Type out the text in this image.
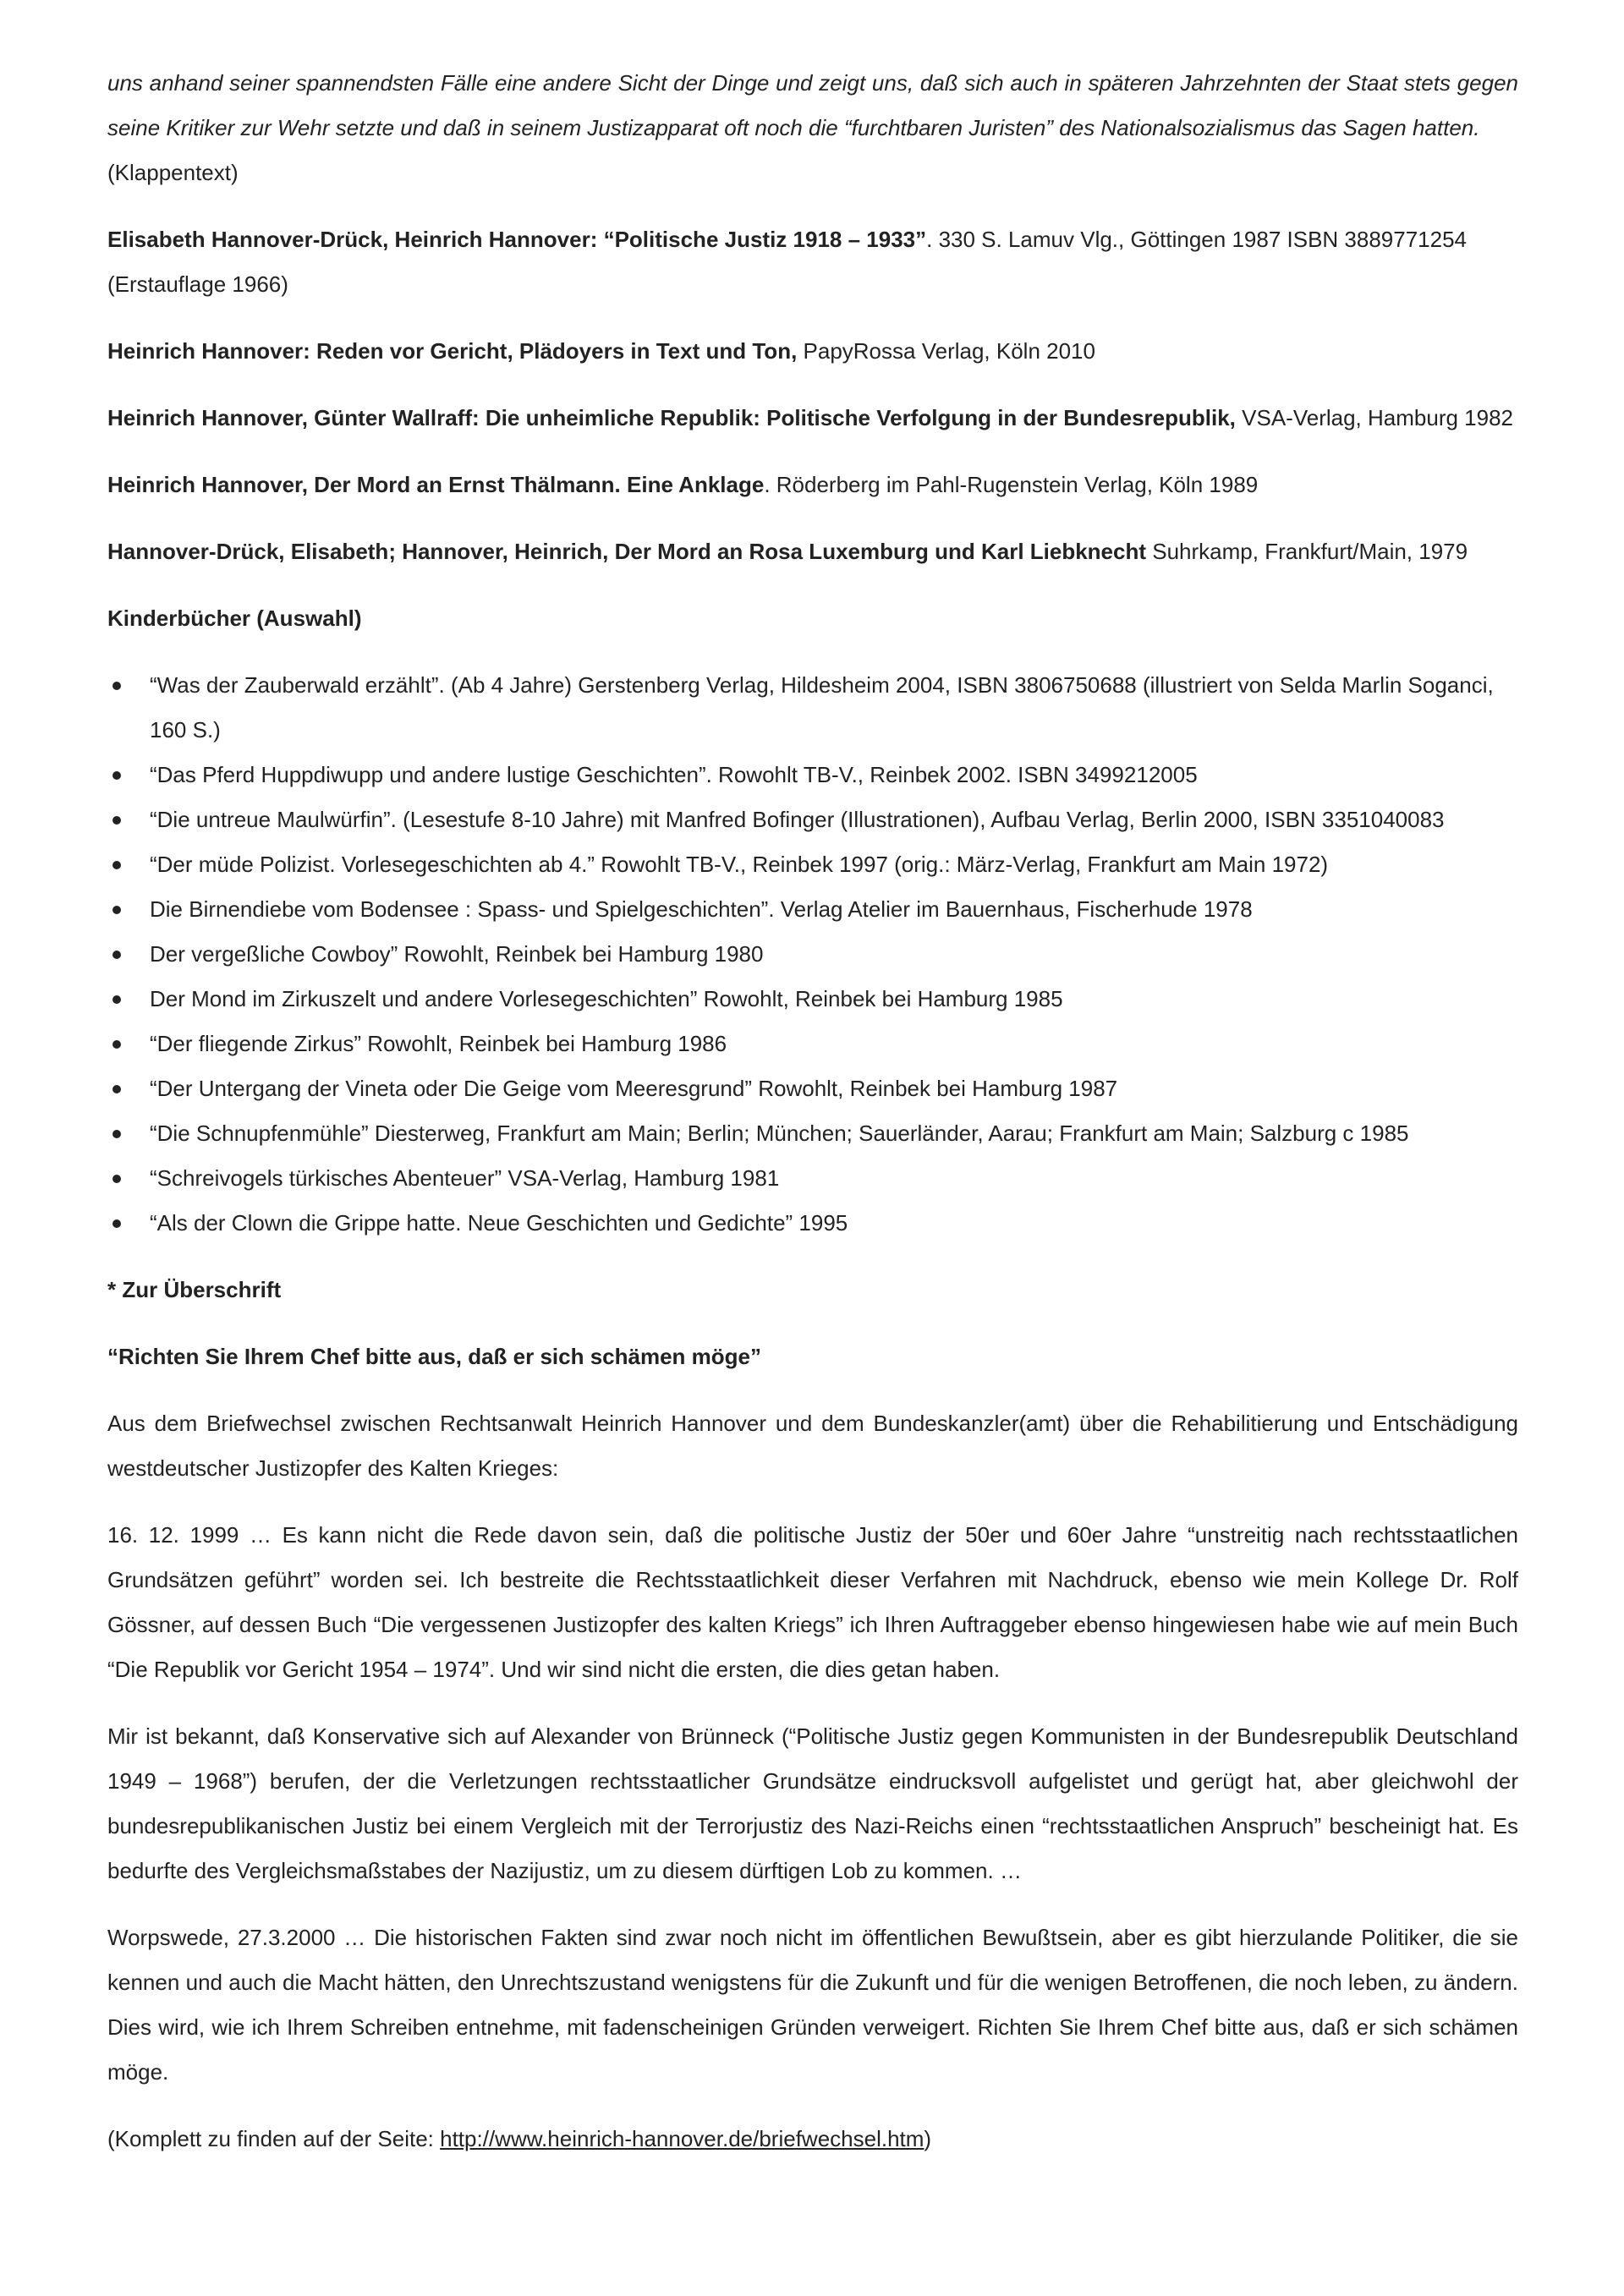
uns anhand seiner spannendsten Fälle eine andere Sicht der Dinge und zeigt uns, daß sich auch in späteren Jahrzehnten der Staat stets gegen seine Kritiker zur Wehr setzte und daß in seinem Justizapparat oft noch die “furchtbaren Juristen” des Nationalsozialismus das Sagen hatten.

(Klappentext)

Elisabeth Hannover-Drück, Heinrich Hannover: “Politische Justiz 1918 – 1933”. 330 S. Lamuv Vlg., Göttingen 1987 ISBN 3889771254 (Erstauflage 1966)

Heinrich Hannover: Reden vor Gericht, Plädoyers in Text und Ton, PapyRossa Verlag, Köln 2010

Heinrich Hannover, Günter Wallraff: Die unheimliche Republik: Politische Verfolgung in der Bundesrepublik, VSA-Verlag, Hamburg 1982

Heinrich Hannover, Der Mord an Ernst Thälmann. Eine Anklage. Röderberg im Pahl-Rugenstein Verlag, Köln 1989

Hannover-Drück, Elisabeth; Hannover, Heinrich, Der Mord an Rosa Luxemburg und Karl Liebknecht Suhrkamp, Frankfurt/Main, 1979

Kinderbücher (Auswahl)

“Was der Zauberwald erzählt”. (Ab 4 Jahre) Gerstenberg Verlag, Hildesheim 2004, ISBN 3806750688 (illustriert von Selda Marlin Soganci, 160 S.)
“Das Pferd Huppdiwupp und andere lustige Geschichten”. Rowohlt TB-V., Reinbek 2002. ISBN 3499212005
“Die untreue Maulwürfin”. (Lesestufe 8-10 Jahre) mit Manfred Bofinger (Illustrationen), Aufbau Verlag, Berlin 2000, ISBN 3351040083
“Der müde Polizist. Vorlesegeschichten ab 4.” Rowohlt TB-V., Reinbek 1997 (orig.: März-Verlag, Frankfurt am Main 1972)
Die Birnendiebe vom Bodensee : Spass- und Spielgeschichten”. Verlag Atelier im Bauernhaus, Fischerhude 1978
Der vergeßliche Cowboy” Rowohlt, Reinbek bei Hamburg 1980
Der Mond im Zirkuszelt und andere Vorlesegeschichten” Rowohlt, Reinbek bei Hamburg 1985
“Der fliegende Zirkus” Rowohlt, Reinbek bei Hamburg 1986
“Der Untergang der Vineta oder Die Geige vom Meeresgrund” Rowohlt, Reinbek bei Hamburg 1987
“Die Schnupfenmühle” Diesterweg, Frankfurt am Main; Berlin; München; Sauerländer, Aarau; Frankfurt am Main; Salzburg c 1985
“Schreivogels türkisches Abenteuer” VSA-Verlag, Hamburg 1981
“Als der Clown die Grippe hatte. Neue Geschichten und Gedichte” 1995

* Zur Überschrift

“Richten Sie Ihrem Chef bitte aus, daß er sich schämen möge”

Aus dem Briefwechsel zwischen Rechtsanwalt Heinrich Hannover und dem Bundeskanzler(amt) über die Rehabilitierung und Entschädigung westdeutscher Justizopfer des Kalten Krieges:

16. 12. 1999 … Es kann nicht die Rede davon sein, daß die politische Justiz der 50er und 60er Jahre “unstreitig nach rechtsstaatlichen Grundsätzen geführt” worden sei. Ich bestreite die Rechtsstaatlichkeit dieser Verfahren mit Nachdruck, ebenso wie mein Kollege Dr. Rolf Gössner, auf dessen Buch “Die vergessenen Justizopfer des kalten Kriegs” ich Ihren Auftraggeber ebenso hingewiesen habe wie auf mein Buch “Die Republik vor Gericht 1954 – 1974”. Und wir sind nicht die ersten, die dies getan haben.

Mir ist bekannt, daß Konservative sich auf Alexander von Brünneck (“Politische Justiz gegen Kommunisten in der Bundesrepublik Deutschland 1949 – 1968”) berufen, der die Verletzungen rechtsstaatlicher Grundsätze eindrucksvoll aufgelistet und gerügt hat, aber gleichwohl der bundesrepublikanischen Justiz bei einem Vergleich mit der Terrorjustiz des Nazi-Reichs einen “rechtsstaatlichen Anspruch” bescheinigt hat. Es bedurfte des Vergleichsmaßstabes der Nazijustiz, um zu diesem dürftigen Lob zu kommen. …

Worpswede, 27.3.2000 … Die historischen Fakten sind zwar noch nicht im öffentlichen Bewußtsein, aber es gibt hierzulande Politiker, die sie kennen und auch die Macht hätten, den Unrechtszustand wenigstens für die Zukunft und für die wenigen Betroffenen, die noch leben, zu ändern. Dies wird, wie ich Ihrem Schreiben entnehme, mit fadenscheinigen Gründen verweigert. Richten Sie Ihrem Chef bitte aus, daß er sich schämen möge.

(Komplett zu finden auf der Seite: http://www.heinrich-hannover.de/briefwechsel.htm)
